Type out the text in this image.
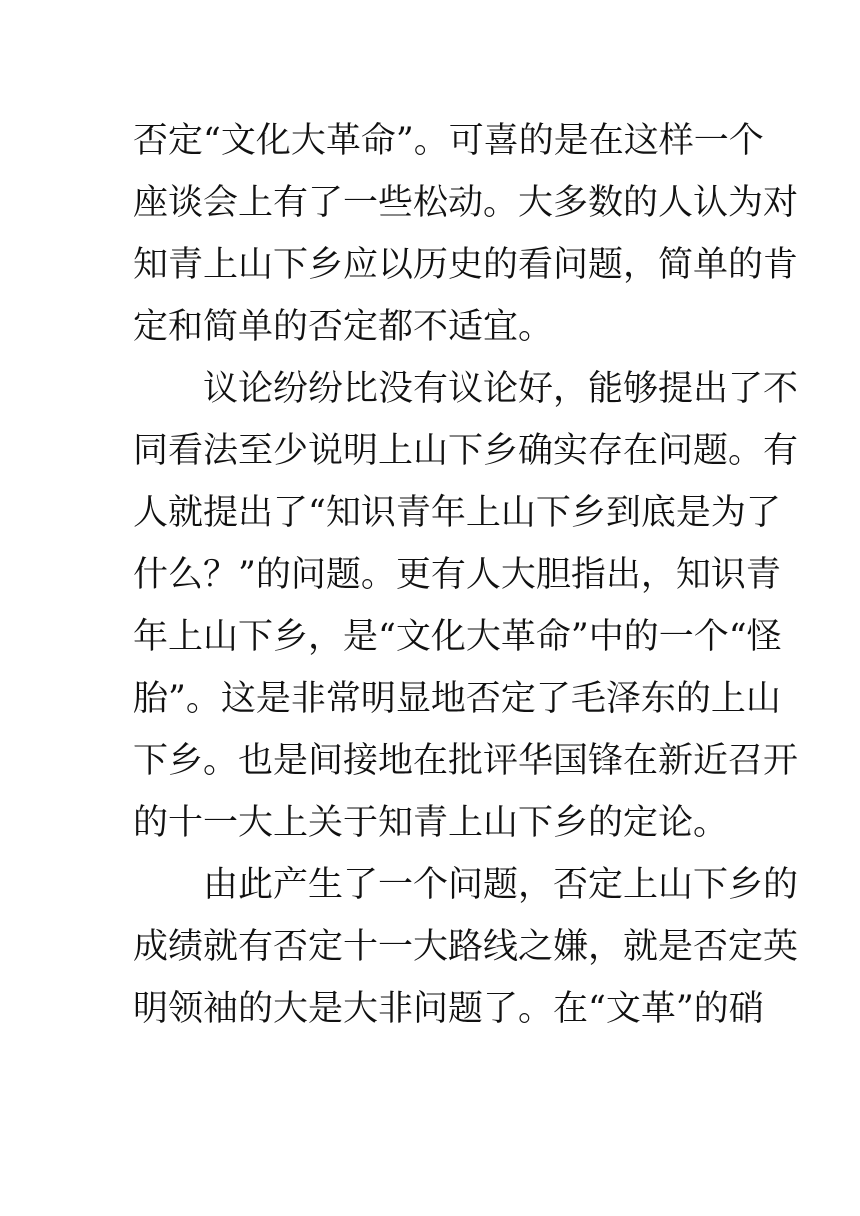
否定“文化大革命”。可喜的是在这样一个
座谈会上有了一些松动。大多数的人认为对
知青上山下乡应以历史的看问题，简单的肯
定和简单的否定都不适宜。
议论纷纷比没有议论好，能够提出了不
同看法至少说明上山下乡确实存在问题。有
人就提出了“知识青年上山下乡到底是为了
什么？”的问题。更有人大胆指出，知识青
年上山下乡，是“文化大革命”中的一个“怪
胎”。这是非常明显地否定了毛泽东的上山
下乡。也是间接地在批评华国锋在新近召开
的十一大上关于知青上山下乡的定论。
由此产生了一个问题，否定上山下乡的
成绩就有否定十一大路线之嫌，就是否定英
明领袖的大是大非问题了。在“文革”的硝
